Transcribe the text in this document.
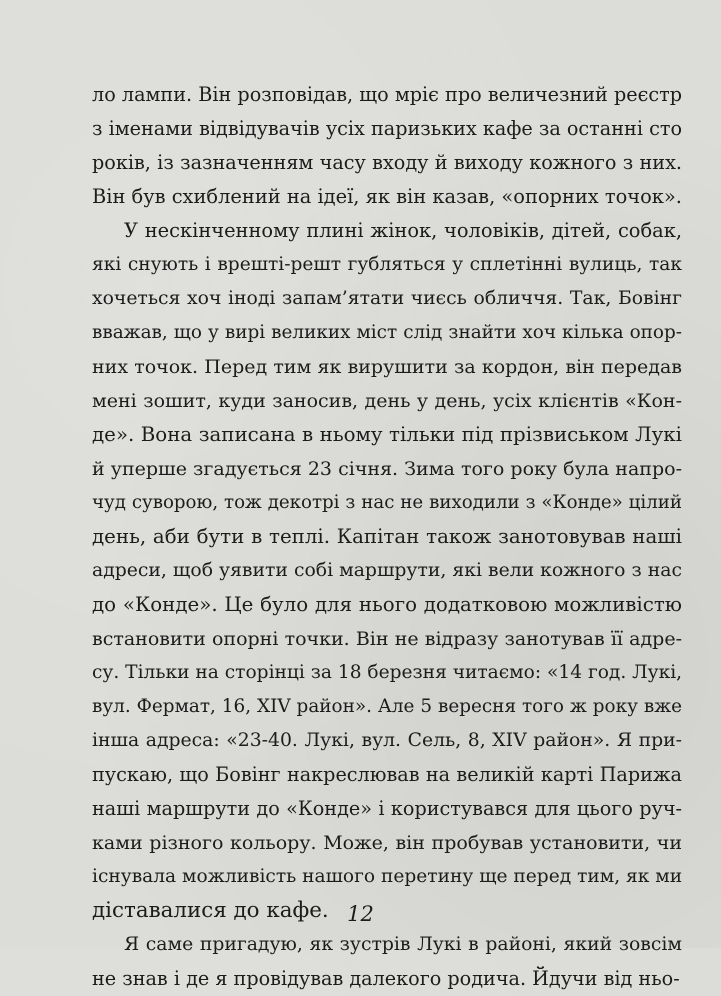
ло лампи. Він розповідав, що мріє про величезний реєстр
з іменами відвідувачів усіх паризьких кафе за останні сто
років, із зазначенням часу входу й виходу кожного з них.
Він був схиблений на ідеї, як він казав, «опорних точок».

У нескінченному плині жінок, чоловіків, дітей, собак,
які снують і врешті-решт губляться у сплетінні вулиць, так
хочеться хоч іноді запам’ятати чиєсь обличчя. Так, Бовінг
вважав, що у вирі великих міст слід знайти хоч кілька опор-
них точок. Перед тим як вирушити за кордон, він передав
мені зошит, куди заносив, день у день, усіх клієнтів «Кон-
де». Вона записана в ньому тільки під прізвиськом Лукі
й уперше згадується 23 січня. Зима того року була напро-
чуд суворою, тож декотрі з нас не виходили з «Конде» цілий
день, аби бути в теплі. Капітан також занотовував наші
адреси, щоб уявити собі маршрути, які вели кожного з нас
до «Конде». Це було для нього додатковою можливістю
встановити опорні точки. Він не відразу занотував її адре-
су. Тільки на сторінці за 18 березня читаємо: «14 год. Лукі,
вул. Фермат, 16, XIV район». Але 5 вересня того ж року вже
інша адреса: «23-40. Лукі, вул. Сель, 8, XIV район». Я при-
пускаю, що Бовінг накреслював на великій карті Парижа
наші маршрути до «Конде» і користувався для цього руч-
ками різного кольору. Може, він пробував установити, чи
існувала можливість нашого перетину ще перед тим, як ми
діставалися до кафе.

Я саме пригадую, як зустрів Лукі в районі, який зовсім
не знав і де я провідував далекого родича. Йдучи від ньо-

12
